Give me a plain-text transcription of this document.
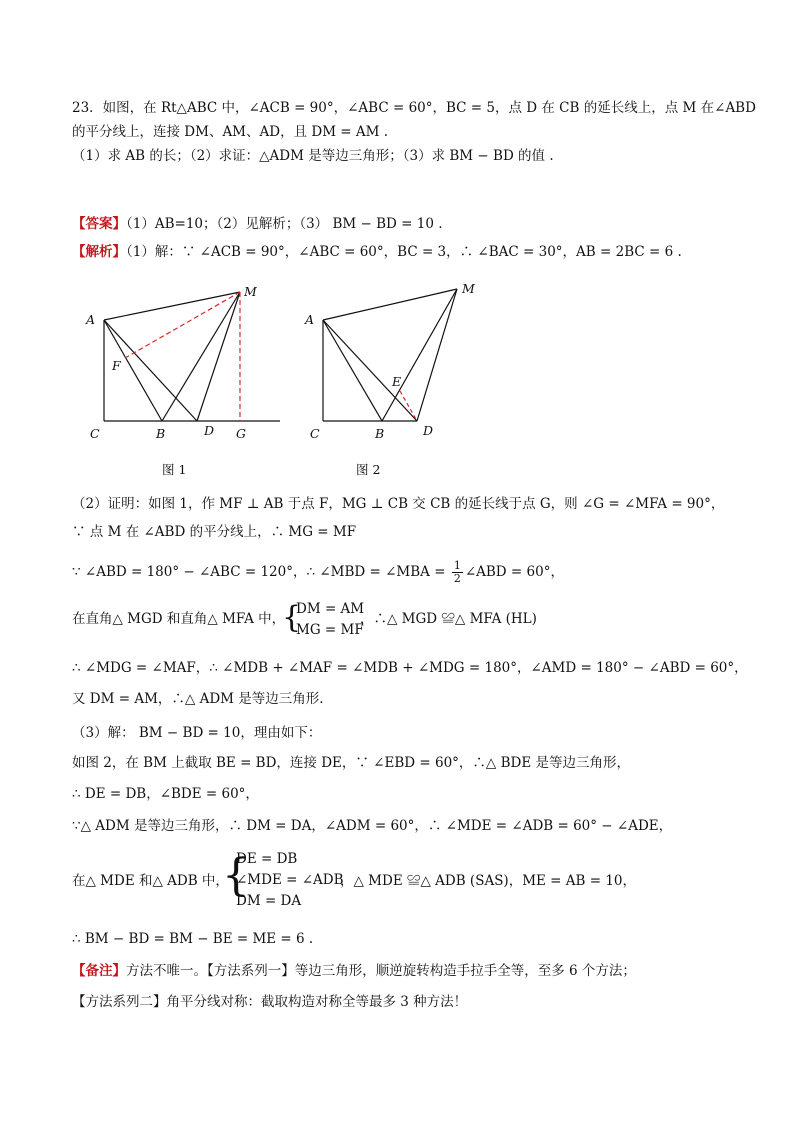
23．如图，在 Rt△ABC 中，∠ACB = 90°，∠ABC = 60°，BC = 5，点 D 在 CB 的延长线上，点 M 在∠ABD
的平分线上，连接 DM、AM、AD，且 DM = AM .
（1）求 AB 的长；（2）求证：△ADM 是等边三角形；（3）求 BM − BD 的值 .
【答案】（1）AB=10；（2）见解析；（3） BM − BD = 10 .
【解析】（1）解：∵ ∠ACB = 90°，∠ABC = 60°，BC = 3，∴ ∠BAC = 30°，AB = 2BC = 6 .
A
M
F
C	B	D G
图 1
A
M
E
C	B	D
图 2
（2）证明：如图 1，作 MF ⊥ AB 于点 F，MG ⊥ CB 交 CB 的延长线于点 G，则 ∠G = ∠MFA = 90°，
∵ 点 M 在 ∠ABD 的平分线上，∴ MG = MF
∵ ∠ABD = 180° − ∠ABC = 120°，∴ ∠MBD = ∠MBA = $\frac{1}{2}$ ∠ABD = 60°，
在直角△ MGD 和直角△ MFA 中，
{
DM = AM
MG = MF
，∴△ MGD ≌△ MFA (HL)
∴ ∠MDG = ∠MAF，∴ ∠MDB + ∠MAF = ∠MDB + ∠MDG = 180°，∠AMD = 180° − ∠ABD = 60°，
又 DM = AM，∴△ ADM 是等边三角形.
（3）解： BM − BD = 10，理由如下：
如图 2，在 BM 上截取 BE = BD，连接 DE，∵ ∠EBD = 60°，∴△ BDE 是等边三角形，
∴ DE = DB，∠BDE = 60°，
∵△ ADM 是等边三角形，∴ DM = DA，∠ADM = 60°，∴ ∠MDE = ∠ADB = 60° − ∠ADE，
在△ MDE 和△ ADB 中，
{
DE = DB
∠MDE = ∠ADB
DM = DA
，△ MDE ≌△ ADB (SAS)，ME = AB = 10，
∴ BM − BD = BM − BE = ME = 6 .
【备注】方法不唯一。【方法系列一】等边三角形，顺逆旋转构造手拉手全等，至多 6 个方法；
【方法系列二】角平分线对称：截取构造对称全等最多 3 种方法！
